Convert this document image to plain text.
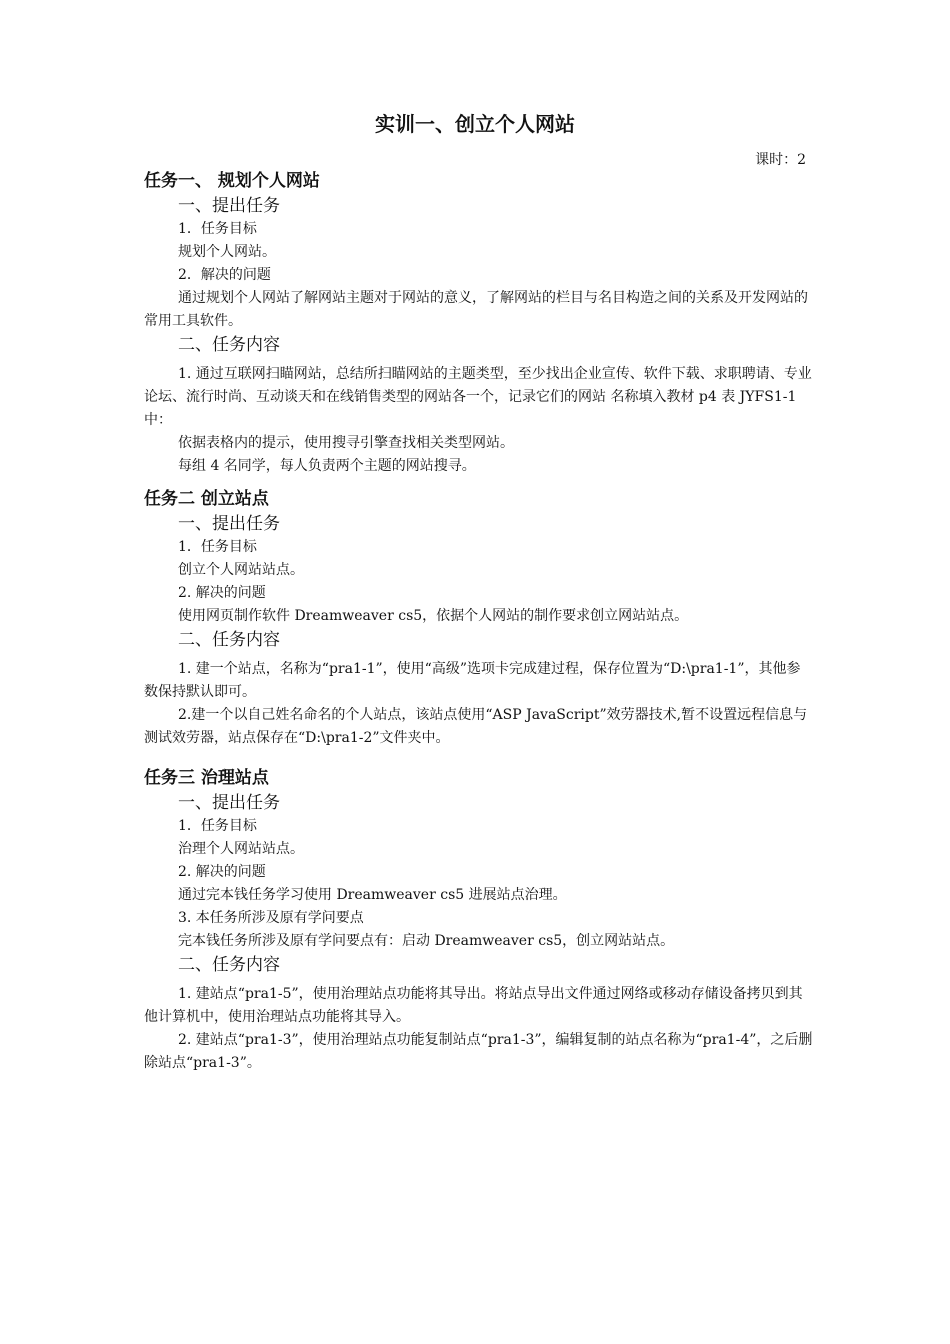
实训一、创立个人网站
课时：2
任务一、 规划个人网站
一、提出任务
1．任务目标
规划个人网站。
2．解决的问题

通过规划个人网站了解网站主题对于网站的意义，了解网站的栏目与名目构造之间的关系及开发网站的常用工具软件。

二、任务内容

1. 通过互联网扫瞄网站，总结所扫瞄网站的主题类型，至少找出企业宣传、软件下载、求职聘请、专业论坛、流行时尚、互动谈天和在线销售类型的网站各一个，记录它们的网站 名称填入教材 p4 表 JYFS1-1 中：

依据表格内的提示，使用搜寻引擎查找相关类型网站。

每组 4 名同学，每人负责两个主题的网站搜寻。

任务二 创立站点
一、提出任务
1．任务目标
创立个人网站站点。
2. 解决的问题
使用网页制作软件 Dreamweaver cs5，依据个人网站的制作要求创立网站站点。
二、任务内容

1. 建一个站点，名称为“pra1-1”，使用“高级”选项卡完成建过程，保存位置为“D:\pra1-1”，其他参数保持默认即可。

2.建一个以自己姓名命名的个人站点，该站点使用“ASP JavaScript”效劳器技术,暂不设置远程信息与测试效劳器，站点保存在“D:\pra1-2”文件夹中。

任务三 治理站点
一、提出任务
1．任务目标
治理个人网站站点。
2. 解决的问题
通过完本钱任务学习使用 Dreamweaver cs5 进展站点治理。
3. 本任务所涉及原有学问要点
完本钱任务所涉及原有学问要点有：启动 Dreamweaver cs5，创立网站站点。
二、任务内容

1. 建站点“pra1-5”，使用治理站点功能将其导出。将站点导出文件通过网络或移动存储设备拷贝到其他计算机中，使用治理站点功能将其导入。

2. 建站点“pra1-3”，使用治理站点功能复制站点“pra1-3”，编辑复制的站点名称为“pra1-4”，之后删除站点“pra1-3”。
